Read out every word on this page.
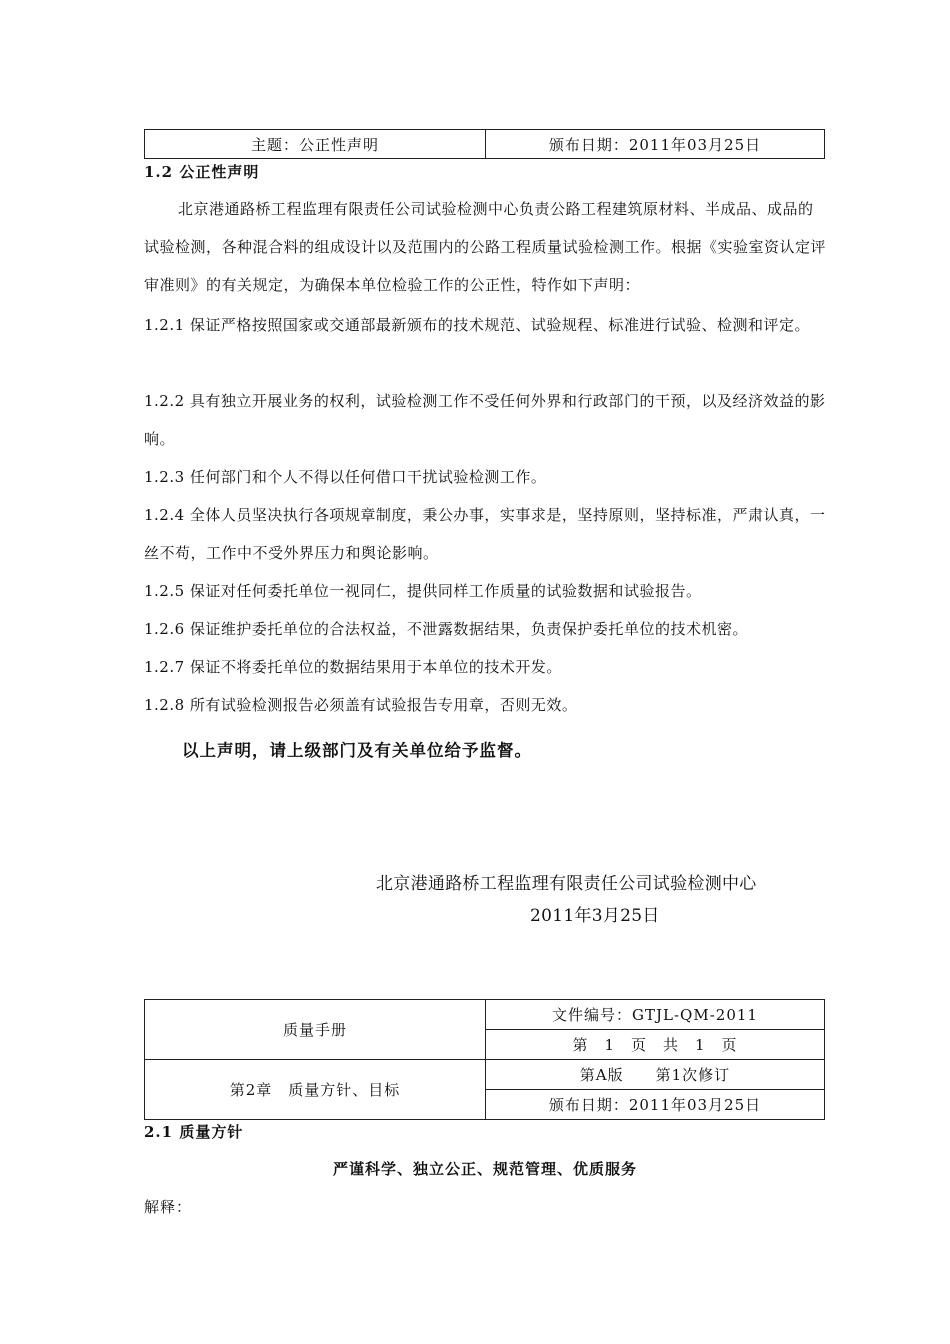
主题：公正性声明	颁布日期：2011年03月25日
1.2 公正性声明
北京港通路桥工程监理有限责任公司试验检测中心负责公路工程建筑原材料、半成品、成品的试验检测，各种混合料的组成设计以及范围内的公路工程质量试验检测工作。根据《实验室资认定评审准则》的有关规定，为确保本单位检验工作的公正性，特作如下声明：
1.2.1 保证严格按照国家或交通部最新颁布的技术规范、试验规程、标准进行试验、检测和评定。
1.2.2 具有独立开展业务的权利，试验检测工作不受任何外界和行政部门的干预，以及经济效益的影响。
1.2.3 任何部门和个人不得以任何借口干扰试验检测工作。
1.2.4 全体人员坚决执行各项规章制度，秉公办事，实事求是，坚持原则，坚持标准，严肃认真，一丝不苟，工作中不受外界压力和舆论影响。
1.2.5 保证对任何委托单位一视同仁，提供同样工作质量的试验数据和试验报告。
1.2.6 保证维护委托单位的合法权益，不泄露数据结果，负责保护委托单位的技术机密。
1.2.7 保证不将委托单位的数据结果用于本单位的技术开发。
1.2.8 所有试验检测报告必须盖有试验报告专用章，否则无效。
以上声明，请上级部门及有关单位给予监督。
北京港通路桥工程监理有限责任公司试验检测中心
2011年3月25日
质量手册	文件编号：GTJL-QM-2011
	第　1　页　共　1　页
第2章　质量方针、目标	第A版　　第1次修订
	颁布日期：2011年03月25日
2.1 质量方针
严谨科学、独立公正、规范管理、优质服务
解释：
